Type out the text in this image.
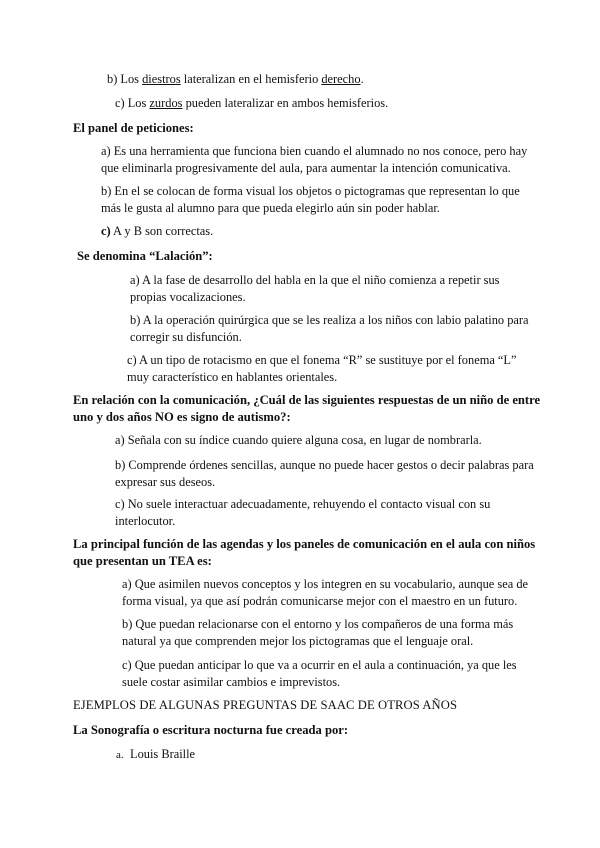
b) Los diestros lateralizan en el hemisferio derecho.

c) Los zurdos pueden lateralizar en ambos hemisferios.

El panel de peticiones:

a) Es una herramienta que funciona bien cuando el alumnado no nos conoce, pero hay que eliminarla progresivamente del aula, para aumentar la intención comunicativa.

b) En el se colocan de forma visual los objetos o pictogramas que representan lo que más le gusta al alumno para que pueda elegirlo aún sin poder hablar.

c) A y B son correctas.

Se denomina “Lalación”:

a) A la fase de desarrollo del habla en la que el niño comienza a repetir sus propias vocalizaciones.

b) A la operación quirúrgica que se les realiza a los niños con labio palatino para corregir su disfunción.

c) A un tipo de rotacismo en que el fonema “R” se sustituye por el fonema “L” muy característico en hablantes orientales.

En relación con la comunicación, ¿Cuál de las siguientes respuestas de un niño de entre uno y dos años NO es signo de autismo?:

a) Señala con su índice cuando quiere alguna cosa, en lugar de nombrarla.

b) Comprende órdenes sencillas, aunque no puede hacer gestos o decir palabras para expresar sus deseos.

c) No suele interactuar adecuadamente, rehuyendo el contacto visual con su interlocutor.

La principal función de las agendas y los paneles de comunicación en el aula con niños que presentan un TEA es:

a) Que asimilen nuevos conceptos y los integren en su vocabulario, aunque sea de forma visual, ya que así podrán comunicarse mejor con el maestro en un futuro.

b) Que puedan relacionarse con el entorno y los compañeros de una forma más natural ya que comprenden mejor los pictogramas que el lenguaje oral.

c) Que puedan anticipar lo que va a ocurrir en el aula a continuación, ya que les suele costar asimilar cambios e imprevistos.

EJEMPLOS DE ALGUNAS PREGUNTAS DE SAAC DE OTROS AÑOS

La Sonografía o escritura nocturna fue creada por:

a. Louis Braille
